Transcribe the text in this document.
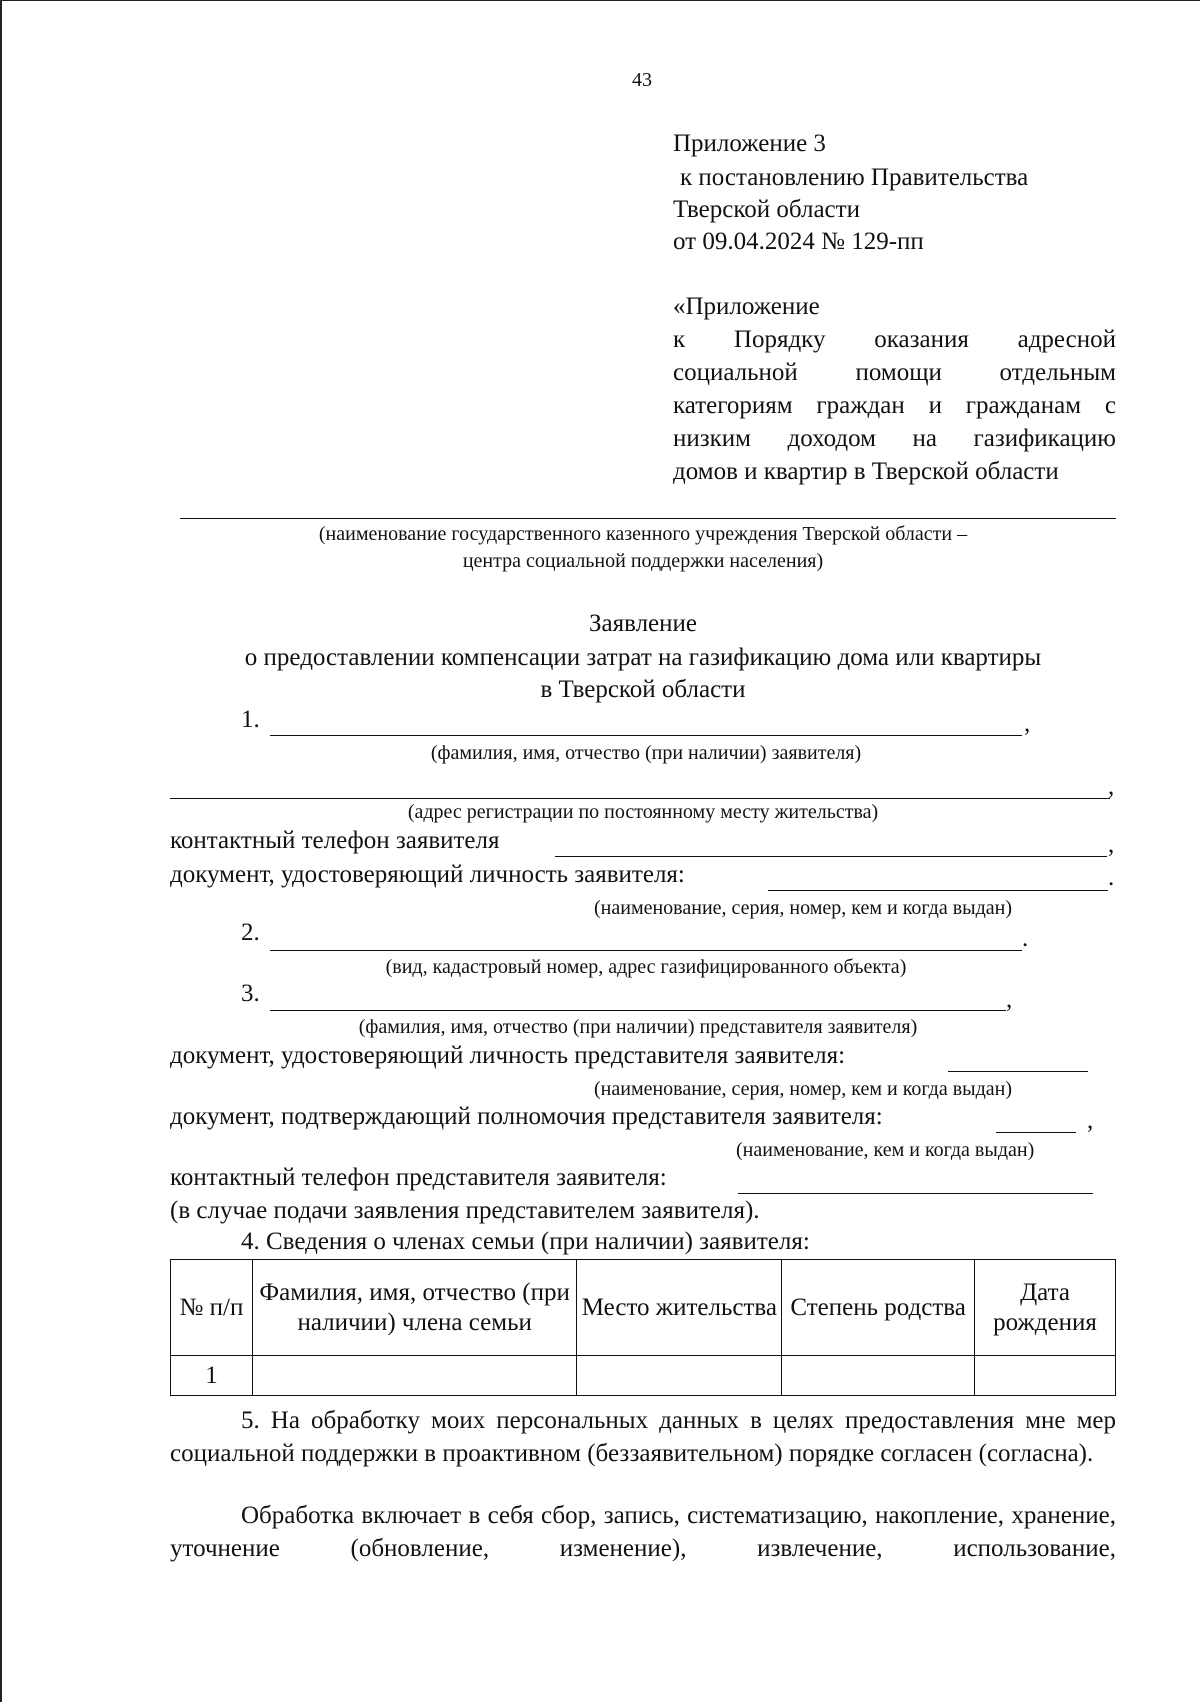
43
Приложение 3
к постановлению Правительства
Тверской области
от 09.04.2024 № 129-пп
«Приложение
к Порядку оказания адресной
социальной помощи отдельным
категориям граждан и гражданам с
низким доходом на газификацию
домов и квартир в Тверской области
(наименование государственного казенного учреждения Тверской области –
центра социальной поддержки населения)
Заявление
о предоставлении компенсации затрат на газификацию дома или квартиры
в Тверской области
1.	,
(фамилия, имя, отчество (при наличии) заявителя)
,
(адрес регистрации по постоянному месту жительства)
контактный телефон заявителя	,
документ, удостоверяющий личность заявителя:	.
(наименование, серия, номер, кем и когда выдан)
2.	.
(вид, кадастровый номер, адрес газифицированного объекта)
3.	,
(фамилия, имя, отчество (при наличии) представителя заявителя)
документ, удостоверяющий личность представителя заявителя:
(наименование, серия, номер, кем и когда выдан)
документ, подтверждающий полномочия представителя заявителя:	,
(наименование, кем и когда выдан)
контактный телефон представителя заявителя:
(в случае подачи заявления представителем заявителя).
4. Сведения о членах семьи (при наличии) заявителя:
№ п/п	Фамилия, имя, отчество (при наличии) члена семьи	Место жительства	Степень родства	Дата рождения
1				
5. На обработку моих персональных данных в целях предоставления мне мер социальной поддержки в проактивном (беззаявительном) порядке согласен (согласна).
Обработка включает в себя сбор, запись, систематизацию, накопление, хранение, уточнение (обновление, изменение), извлечение, использование,
